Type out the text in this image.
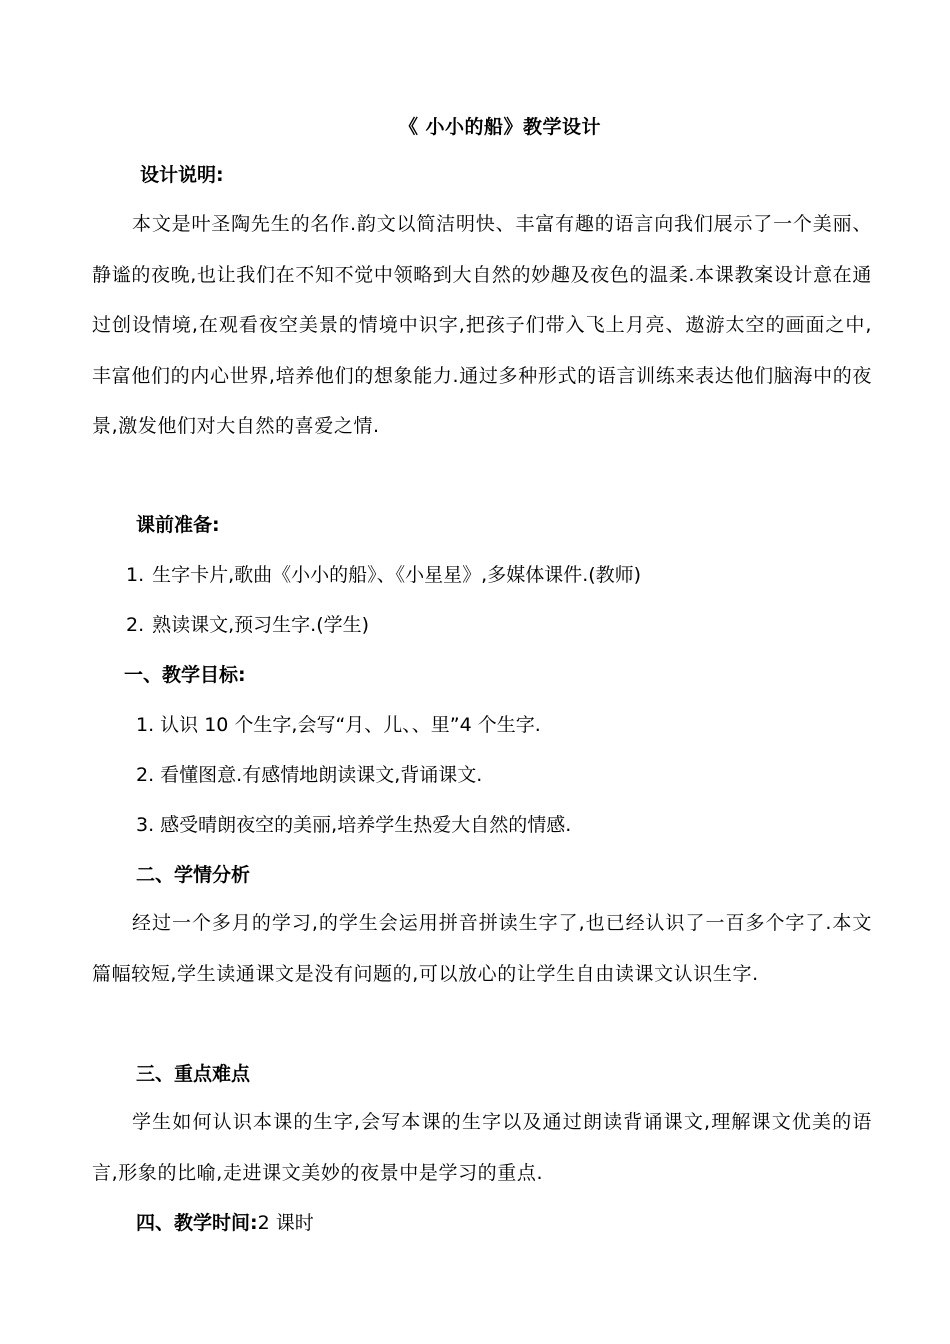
《 小小的船》教学设计
设计说明:

本文是叶圣陶先生的名作.韵文以简洁明快、丰富有趣的语言向我们展示了一个美丽、静谧的夜晚,也让我们在不知不觉中领略到大自然的妙趣及夜色的温柔.本课教案设计意在通过创设情境,在观看夜空美景的情境中识字,把孩子们带入飞上月亮、遨游太空的画面之中,丰富他们的内心世界,培养他们的想象能力.通过多种形式的语言训练来表达他们脑海中的夜景,激发他们对大自然的喜爱之情.

课前准备:
1. 生字卡片,歌曲《小小的船》、《小星星》,多媒体课件.(教师)
2. 熟读课文,预习生字.(学生)
一、教学目标:
1. 认识 10 个生字,会写“月、儿、、里”4 个生字.
2. 看懂图意.有感情地朗读课文,背诵课文.
3. 感受晴朗夜空的美丽,培养学生热爱大自然的情感.
二、学情分析

经过一个多月的学习,的学生会运用拼音拼读生字了,也已经认识了一百多个字了.本文篇幅较短,学生读通课文是没有问题的,可以放心的让学生自由读课文认识生字.

三、重点难点

学生如何认识本课的生字,会写本课的生字以及通过朗读背诵课文,理解课文优美的语言,形象的比喻,走进课文美妙的夜景中是学习的重点.

四、教学时间:2 课时
